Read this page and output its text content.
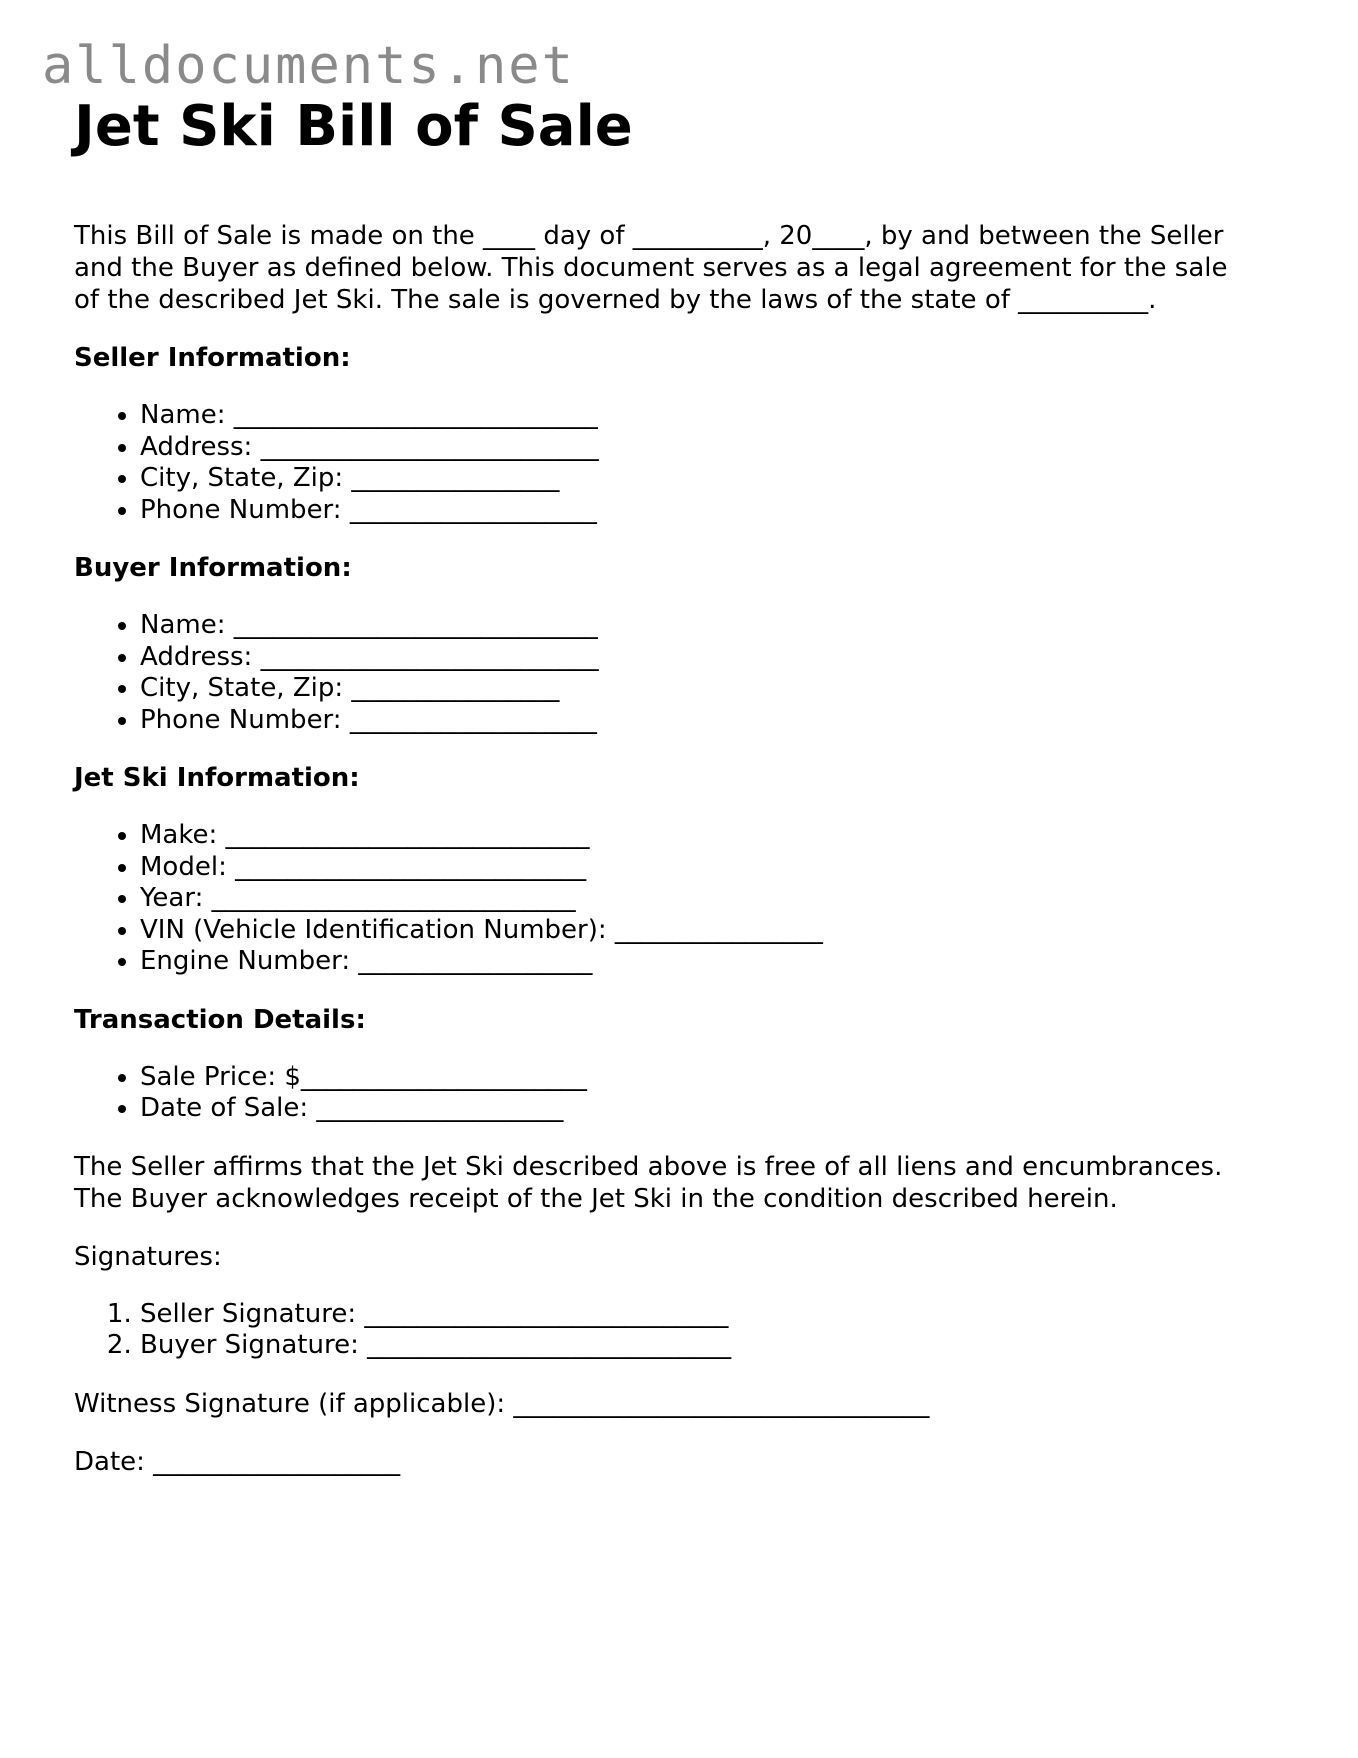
alldocuments.net
Jet Ski Bill of Sale

This Bill of Sale is made on the ____ day of __________, 20____, by and between the Seller

and the Buyer as defined below. This document serves as a legal agreement for the sale

of the described Jet Ski. The sale is governed by the laws of the state of __________.

Seller Information:
• Name: ____________________________
• Address: __________________________
• City, State, Zip: ________________
• Phone Number: ___________________
Buyer Information:
• Name: ____________________________
• Address: __________________________
• City, State, Zip: ________________
• Phone Number: ___________________
Jet Ski Information:
• Make: ____________________________
• Model: ___________________________
• Year: ____________________________
• VIN (Vehicle Identification Number): ________________
• Engine Number: __________________
Transaction Details:
• Sale Price: $______________________
• Date of Sale: ___________________

The Seller affirms that the Jet Ski described above is free of all liens and encumbrances.

The Buyer acknowledges receipt of the Jet Ski in the condition described herein.

Signatures:

1. Seller Signature: ____________________________
2. Buyer Signature: ____________________________

Witness Signature (if applicable): ________________________________

Date: ___________________
